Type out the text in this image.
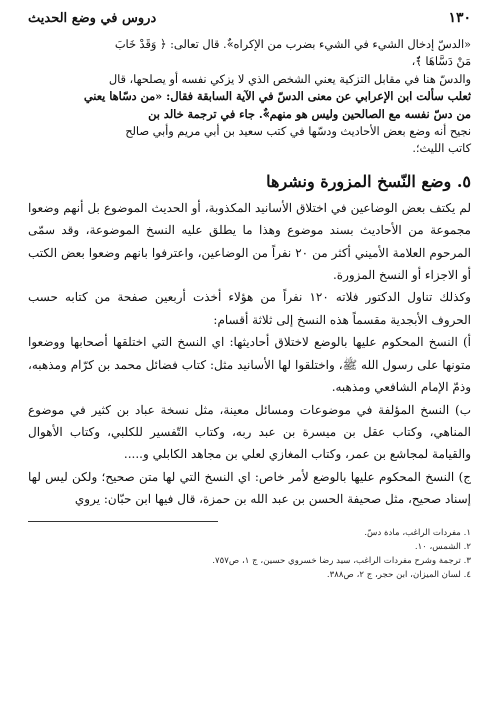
١٣٠
دروس في وضع الحديث

«الدسّ إدخال الشيء في الشيء بضرب من الإكراه»ٌ. قال تعالى: ﴿ وَقَدْ خَابَ

مَنْ دَسَّاهَا ﴾ٌ،

والدسّ هنا في مقابل التزكية يعني الشخص الذي لا يزكي نفسه أو يصلحها، قال

ثعلب سألت ابن الإعرابي عن معنى الدسّ في الآية السابقة فقال: «من دسّاها يعني

من دسّ نفسه مع الصالحين وليس هو منهم»ٌ. جاء في ترجمة خالد بن

نجيح أنه وضع بعض الأحاديث ودسّها في كتب سعيد بن أبي مريم وأبي صالح

كاتب الليث؛.

٥. وضع النّسخ المزورة ونشرها

لم يكتف بعض الوضاعين في اختلاق الأسانيد المكذوبة، أو الحديث الموضوع بل أنهم وضعوا مجموعة من الأحاديث بسند موضوع وهذا ما يطلق عليه النسخ الموضوعة، وقد سمّى المرحوم العلامة الأميني أكثر من ٢٠ نفراً من الوضاعين، واعترفوا بانهم وضعوا بعض الكتب أو الاجزاء أو النسخ المزورة.

وكذلك تناول الدكتور فلاته ١٢٠ نفراً من هؤلاء أخذت أربعين صفحة من كتابه حسب الحروف الأبجدية مقسماً هذه النسخ إلى ثلاثة أقسام:

أ) النسخ المحكوم عليها بالوضع لاختلاق أحاديثها: اي النسخ التي اختلقها أصحابها ووضعوا متونها على رسول الله ﷺ، واختلقوا لها الأسانيد مثل: كتاب فضائل محمد بن كرّام ومذهبه، وذمّ الإمام الشافعي ومذهبه.

ب) النسخ المؤلفة في موضوعات ومسائل معينة، مثل نسخة عباد بن كثير في موضوع المناهي، وكتاب عقل بن ميسرة بن عبد ربه، وكتاب التّفسير للكلبي، وكتاب الأهوال والقيامة لمجاشع بن عمر، وكتاب المغازي لعلي بن مجاهد الكابلي و.....

ج) النسخ المحكوم عليها بالوضع لأمر خاص: اي النسخ التي لها متن صحيح؛ ولكن ليس لها إسناد صحيح، مثل صحيفة الحسن بن عبد الله بن حمزة، قال فيها ابن حبّان: يروي

١. مفردات الراغب، مادة دسّ.
٢. الشمس، ١٠.
٣. ترجمة وشرح مفردات الراغب، سيد رضا خسروي حسين، ج ١، ص٧٥٧.
٤. لسان الميزان، ابن حجر، ج ٢، ص٣٨٨.
